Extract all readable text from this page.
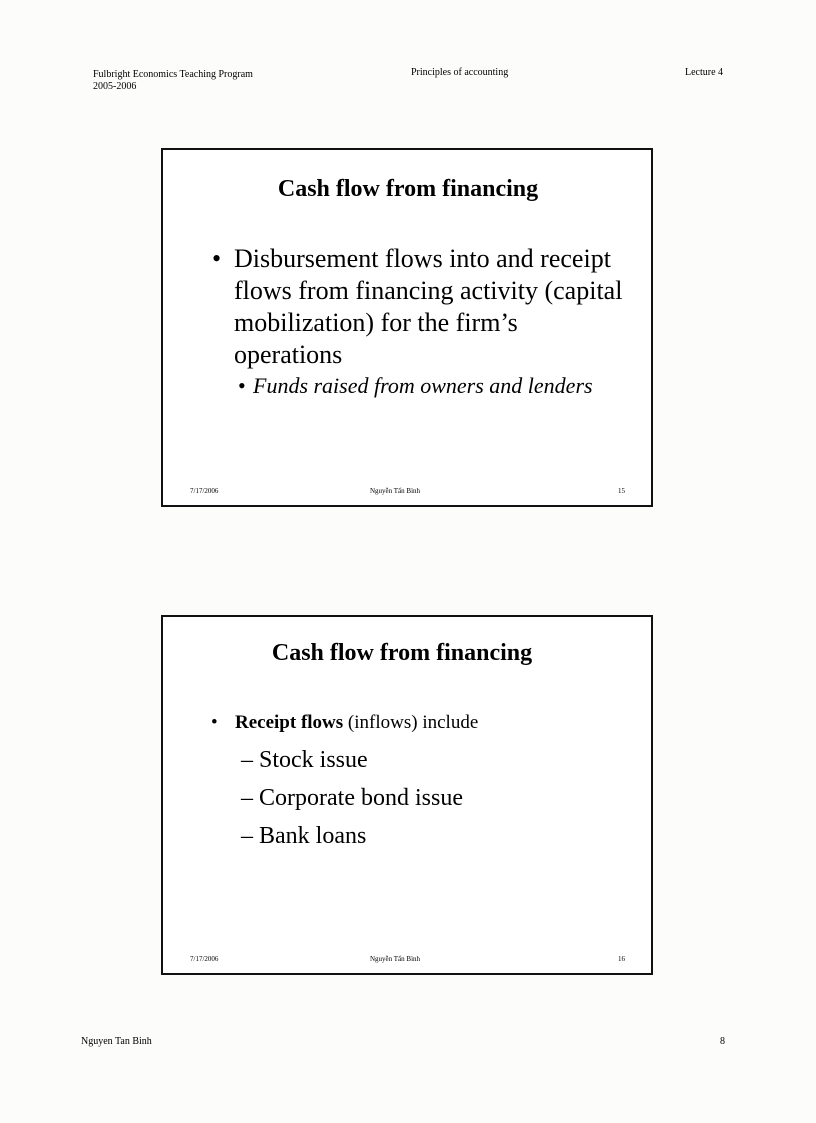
Fulbright Economics Teaching Program
2005-2006
Principles of accounting	Lecture 4
Cash flow from financing
• Disbursement flows into and receipt flows from financing activity (capital mobilization) for the firm’s operations
• Funds raised from owners and lenders
7/17/2006	Nguyễn Tấn Bình	15
Cash flow from financing
• Receipt flows (inflows) include
– Stock issue
– Corporate bond issue
– Bank loans
7/17/2006	Nguyễn Tấn Bình	16
Nguyen Tan Binh	8
